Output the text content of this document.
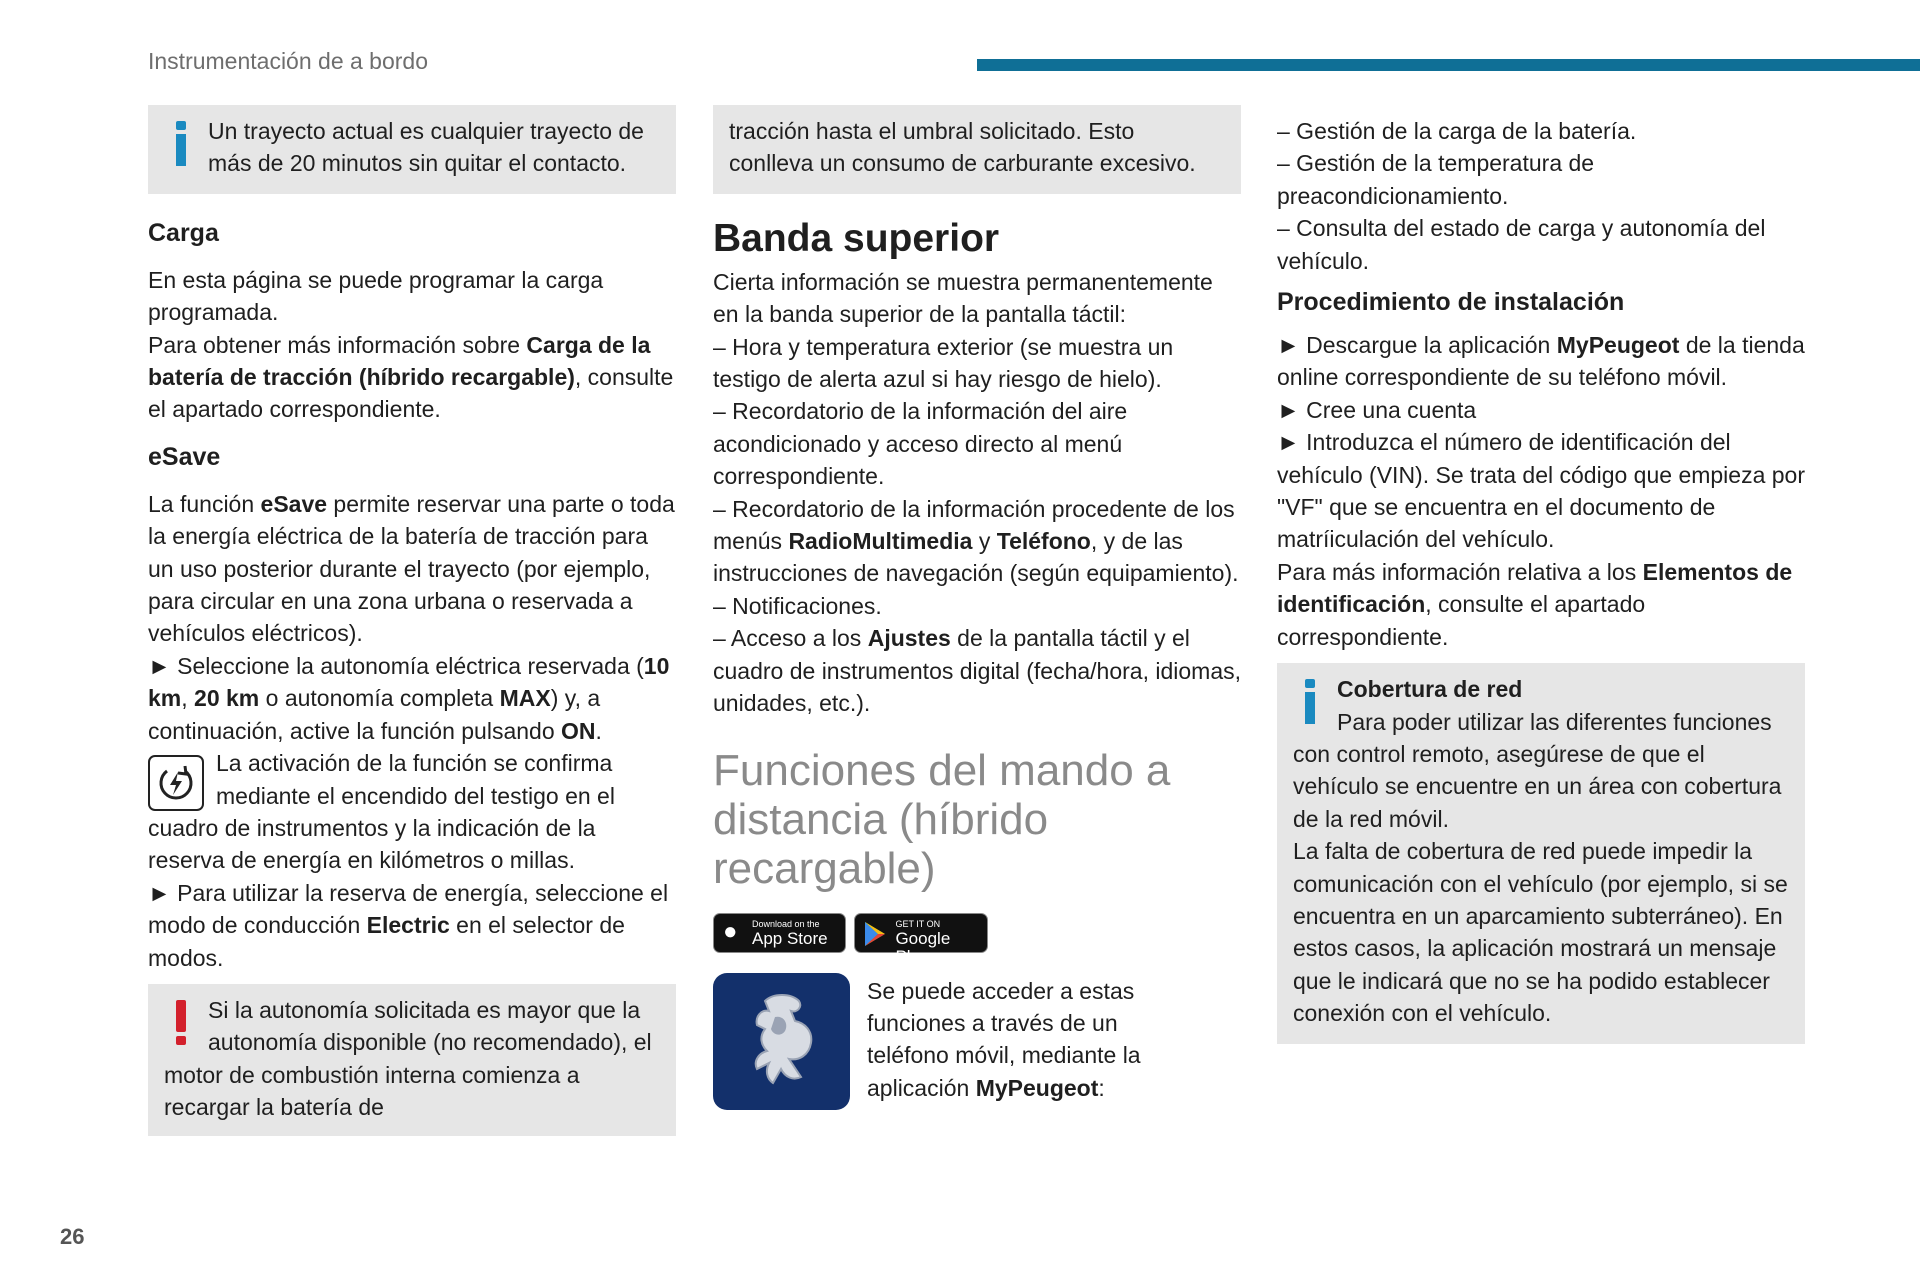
Instrumentación de a bordo

Un trayecto actual es cualquier trayecto de más de 20 minutos sin quitar el contacto.

Carga

En esta página se puede programar la carga programada.

Para obtener más información sobre Carga de la batería de tracción (híbrido recargable), consulte el apartado correspondiente.

eSave

La función eSave permite reservar una parte o toda la energía eléctrica de la batería de tracción para un uso posterior durante el trayecto (por ejemplo, para circular en una zona urbana o reservada a vehículos eléctricos).

► Seleccione la autonomía eléctrica reservada (10 km, 20 km o autonomía completa MAX) y, a continuación, active la función pulsando ON.

La activación de la función se confirma mediante el encendido del testigo en el cuadro de instrumentos y la indicación de la reserva de energía en kilómetros o millas.

► Para utilizar la reserva de energía, seleccione el modo de conducción Electric en el selector de modos.

Si la autonomía solicitada es mayor que la autonomía disponible (no recomendado), el motor de combustión interna comienza a recargar la batería de

tracción hasta el umbral solicitado. Esto conlleva un consumo de carburante excesivo.

Banda superior

Cierta información se muestra permanentemente en la banda superior de la pantalla táctil:

– Hora y temperatura exterior (se muestra un testigo de alerta azul si hay riesgo de hielo).

– Recordatorio de la información del aire acondicionado y acceso directo al menú correspondiente.

– Recordatorio de la información procedente de los menús RadioMultimedia y Teléfono, y de las instrucciones de navegación (según equipamiento).

– Notificaciones.

– Acceso a los Ajustes de la pantalla táctil y el cuadro de instrumentos digital (fecha/hora, idiomas, unidades, etc.).

Funciones del mando a distancia (híbrido recargable)

● Download on the
App Store

GET IT ON
Google Play

Se puede acceder a estas funciones a través de un teléfono móvil, mediante la aplicación MyPeugeot:

– Gestión de la carga de la batería.

– Gestión de la temperatura de preacondicionamiento.

– Consulta del estado de carga y autonomía del vehículo.

Procedimiento de instalación

► Descargue la aplicación MyPeugeot de la tienda online correspondiente de su teléfono móvil.

► Cree una cuenta

► Introduzca el número de identificación del vehículo (VIN). Se trata del código que empieza por "VF" que se encuentra en el documento de matríiculación del vehículo.

Para más información relativa a los Elementos de identificación, consulte el apartado correspondiente.

Cobertura de red

Para poder utilizar las diferentes funciones con control remoto, asegúrese de que el vehículo se encuentre en un área con cobertura de la red móvil.

La falta de cobertura de red puede impedir la comunicación con el vehículo (por ejemplo, si se encuentra en un aparcamiento subterráneo). En estos casos, la aplicación mostrará un mensaje que le indicará que no se ha podido establecer conexión con el vehículo.

26
